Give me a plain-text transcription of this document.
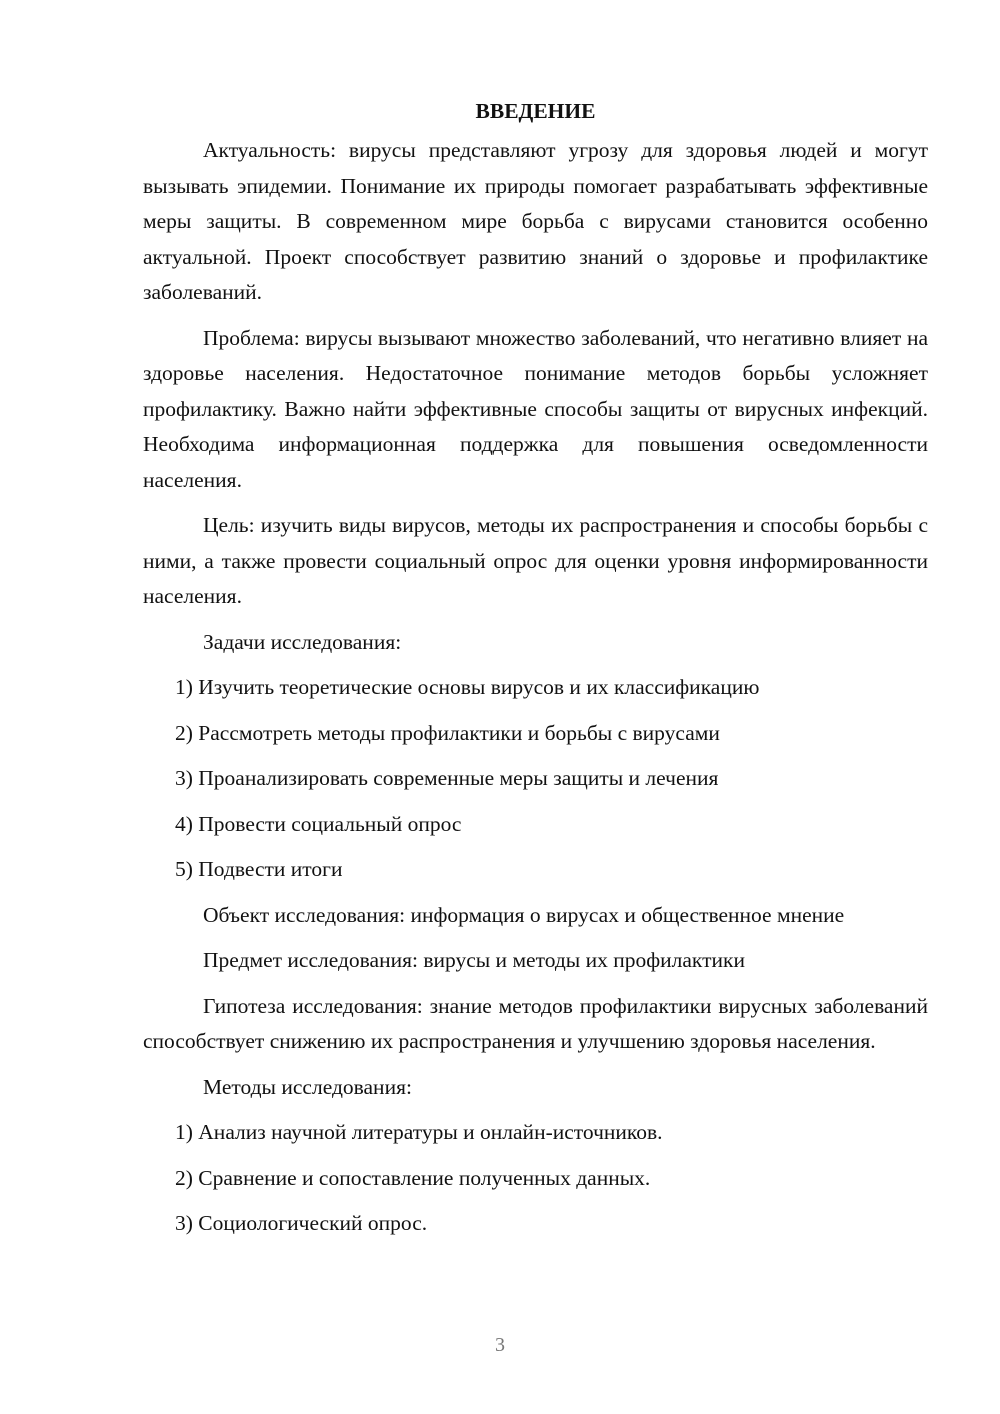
ВВЕДЕНИЕ
Актуальность: вирусы представляют угрозу для здоровья людей и могут вызывать эпидемии. Понимание их природы помогает разрабатывать эффективные меры защиты. В современном мире борьба с вирусами становится особенно актуальной. Проект способствует развитию знаний о здоровье и профилактике заболеваний.
Проблема: вирусы вызывают множество заболеваний, что негативно влияет на здоровье населения. Недостаточное понимание методов борьбы усложняет профилактику. Важно найти эффективные способы защиты от вирусных инфекций. Необходима информационная поддержка для повышения осведомленности населения.
Цель: изучить виды вирусов, методы их распространения и способы борьбы с ними, а также провести социальный опрос для оценки уровня информированности населения.
Задачи исследования:
1) Изучить теоретические основы вирусов и их классификацию
2) Рассмотреть методы профилактики и борьбы с вирусами
3) Проанализировать современные меры защиты и лечения
4) Провести социальный опрос
5) Подвести итоги
Объект исследования: информация о вирусах и общественное мнение
Предмет исследования: вирусы и методы их профилактики
Гипотеза исследования: знание методов профилактики вирусных заболеваний способствует снижению их распространения и улучшению здоровья населения.
Методы исследования:
1) Анализ научной литературы и онлайн-источников.
2) Сравнение и сопоставление полученных данных.
3) Социологический опрос.
3
